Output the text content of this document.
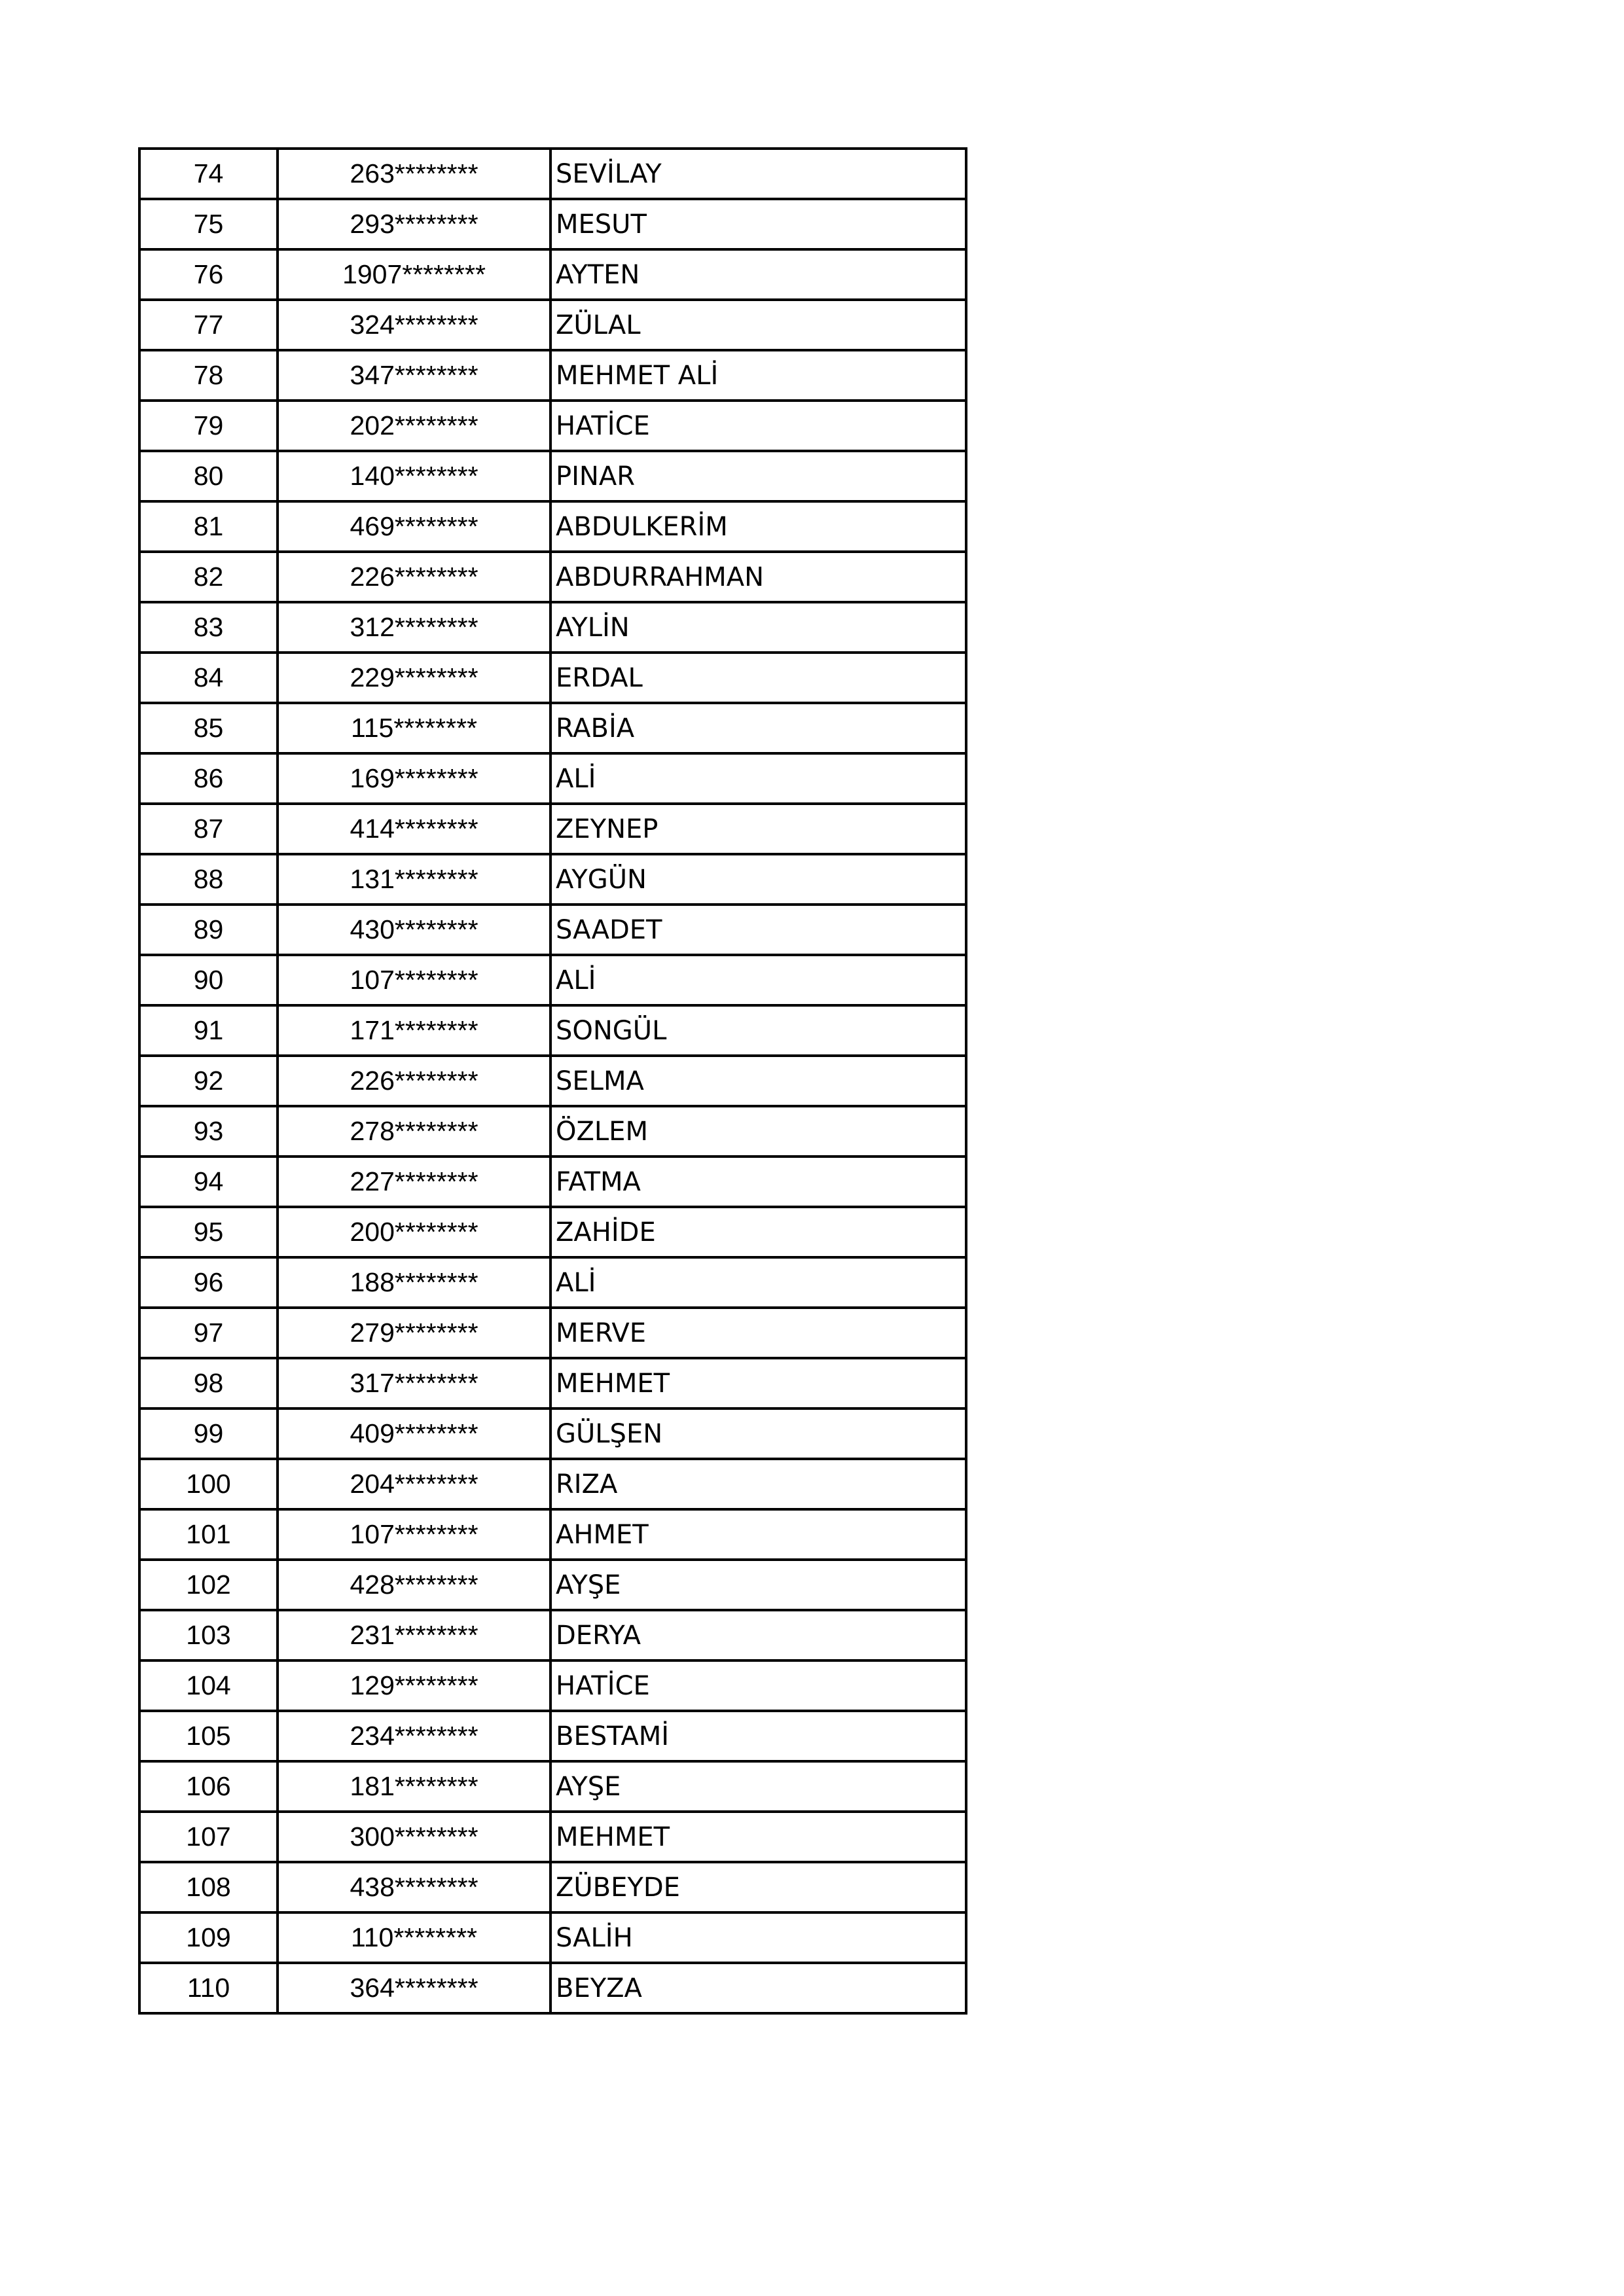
74	263********	SEVİLAY
75	293********	MESUT
76	1907********	AYTEN
77	324********	ZÜLAL
78	347********	MEHMET ALİ
79	202********	HATİCE
80	140********	PINAR
81	469********	ABDULKERİM
82	226********	ABDURRAHMAN
83	312********	AYLİN
84	229********	ERDAL
85	115********	RABİA
86	169********	ALİ
87	414********	ZEYNEP
88	131********	AYGÜN
89	430********	SAADET
90	107********	ALİ
91	171********	SONGÜL
92	226********	SELMA
93	278********	ÖZLEM
94	227********	FATMA
95	200********	ZAHİDE
96	188********	ALİ
97	279********	MERVE
98	317********	MEHMET
99	409********	GÜLŞEN
100	204********	RIZA
101	107********	AHMET
102	428********	AYŞE
103	231********	DERYA
104	129********	HATİCE
105	234********	BESTAMİ
106	181********	AYŞE
107	300********	MEHMET
108	438********	ZÜBEYDE
109	110********	SALİH
110	364********	BEYZA
